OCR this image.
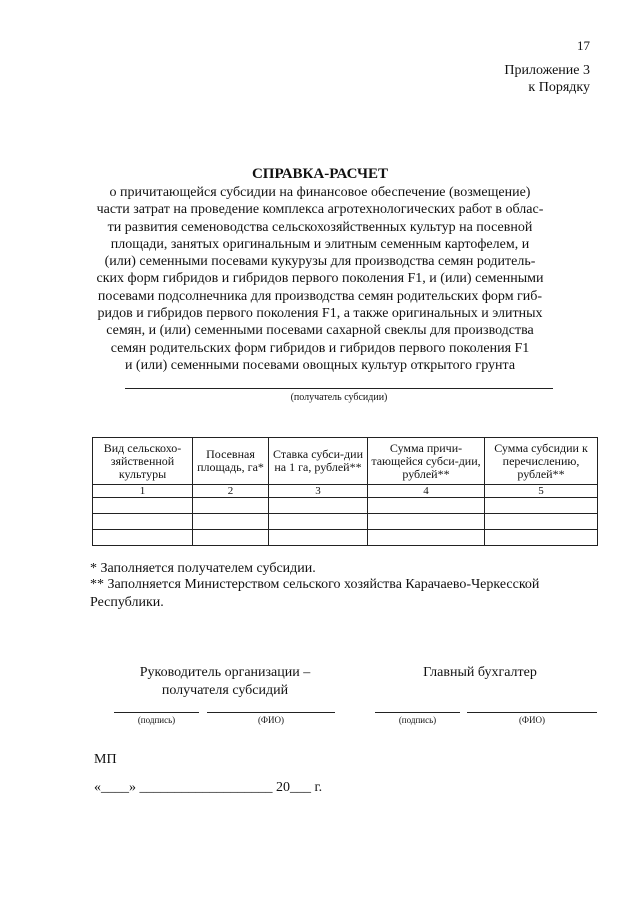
17
Приложение 3
к Порядку
СПРАВКА-РАСЧЕТ
о причитающейся субсидии на финансовое обеспечение (возмещение)
части затрат на проведение комплекса агротехнологических работ в облас-
ти развития семеноводства сельскохозяйственных культур на посевной
площади, занятых оригинальным и элитным семенным картофелем, и
(или) семенными посевами кукурузы для производства семян родитель-
ских форм гибридов и гибридов первого поколения F1, и (или) семенными
посевами подсолнечника для производства семян родительских форм гиб-
ридов и гибридов первого поколения F1, а также оригинальных и элитных
семян, и (или) семенными посевами сахарной свеклы для производства
семян родительских форм гибридов и гибридов первого поколения F1
и (или) семенными посевами овощных культур открытого грунта
(получатель субсидии)
Вид сельскохо-зяйственной культуры	Посевная площадь, га*	Ставка субси-дии на 1 га, рублей**	Сумма причи-тающейся субси-дии, рублей**	Сумма субсидии к перечислению, рублей**
1	2	3	4	5

* Заполняется получателем субсидии.
** Заполняется Министерством сельского хозяйства Карачаево-Черкесской
Республики.
Руководитель организации –
получателя субсидий
Главный бухгалтер
(подпись)	(ФИО)	(подпись)	(ФИО)
МП
«____» ___________________ 20___ г.
